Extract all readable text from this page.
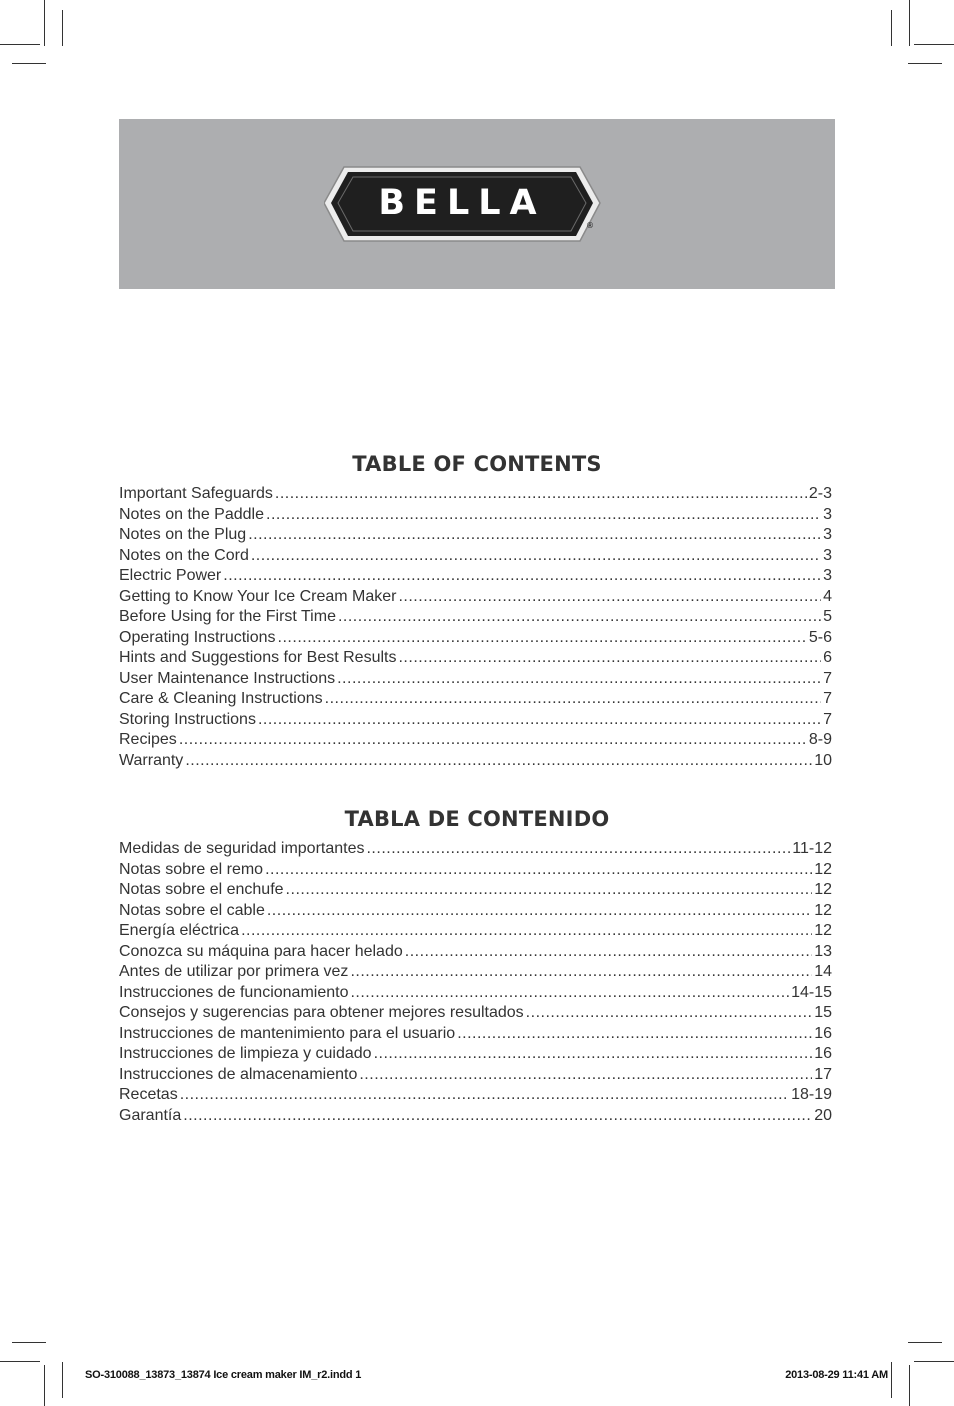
BELLA
®
TABLE OF CONTENTS
Important Safeguards .....	2-3
Notes on the Paddle .....	3
Notes on the Plug .....	3
Notes on the Cord .....	3
Electric Power .....	3
Getting to Know Your Ice Cream Maker .....	4
Before Using for the First Time .....	5
Operating Instructions .....	5-6
Hints and Suggestions for Best Results .....	6
User Maintenance Instructions .....	7
Care & Cleaning Instructions .....	7
Storing Instructions .....	7
Recipes .....	8-9
Warranty .....	10
TABLA DE CONTENIDO
Medidas de seguridad importantes .....	11-12
Notas sobre el remo .....	12
Notas sobre el enchufe .....	12
Notas sobre el cable .....	12
Energía eléctrica .....	12
Conozca su máquina para hacer helado .....	13
Antes de utilizar por primera vez .....	14
Instrucciones de funcionamiento .....	14-15
Consejos y sugerencias para obtener mejores resultados .....	15
Instrucciones de mantenimiento para el usuario .....	16
Instrucciones de limpieza y cuidado .....	16
Instrucciones de almacenamiento .....	17
Recetas .....	18-19
Garantía .....	20
SO-310088_13873_13874 Ice cream maker IM_r2.indd 1	2013-08-29 11:41 AM
